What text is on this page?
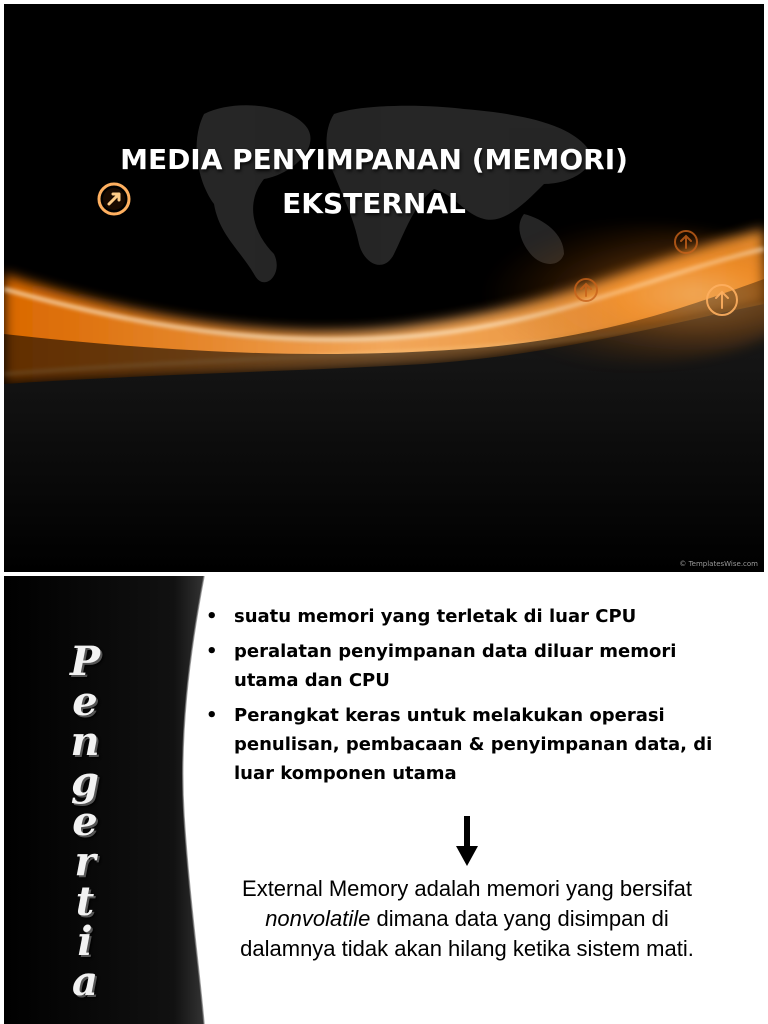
MEDIA PENYIMPANAN (MEMORI)
EKSTERNAL
© TemplatesWise.com
P
e
n
g
e
r
t
i
a
• suatu memori yang terletak di luar CPU
• peralatan penyimpanan data diluar memori utama dan CPU
• Perangkat keras untuk melakukan operasi penulisan, pembacaan & penyimpanan data, di luar komponen utama
External Memory adalah memori yang bersifat nonvolatile dimana data yang disimpan di dalamnya tidak akan hilang ketika sistem mati.
